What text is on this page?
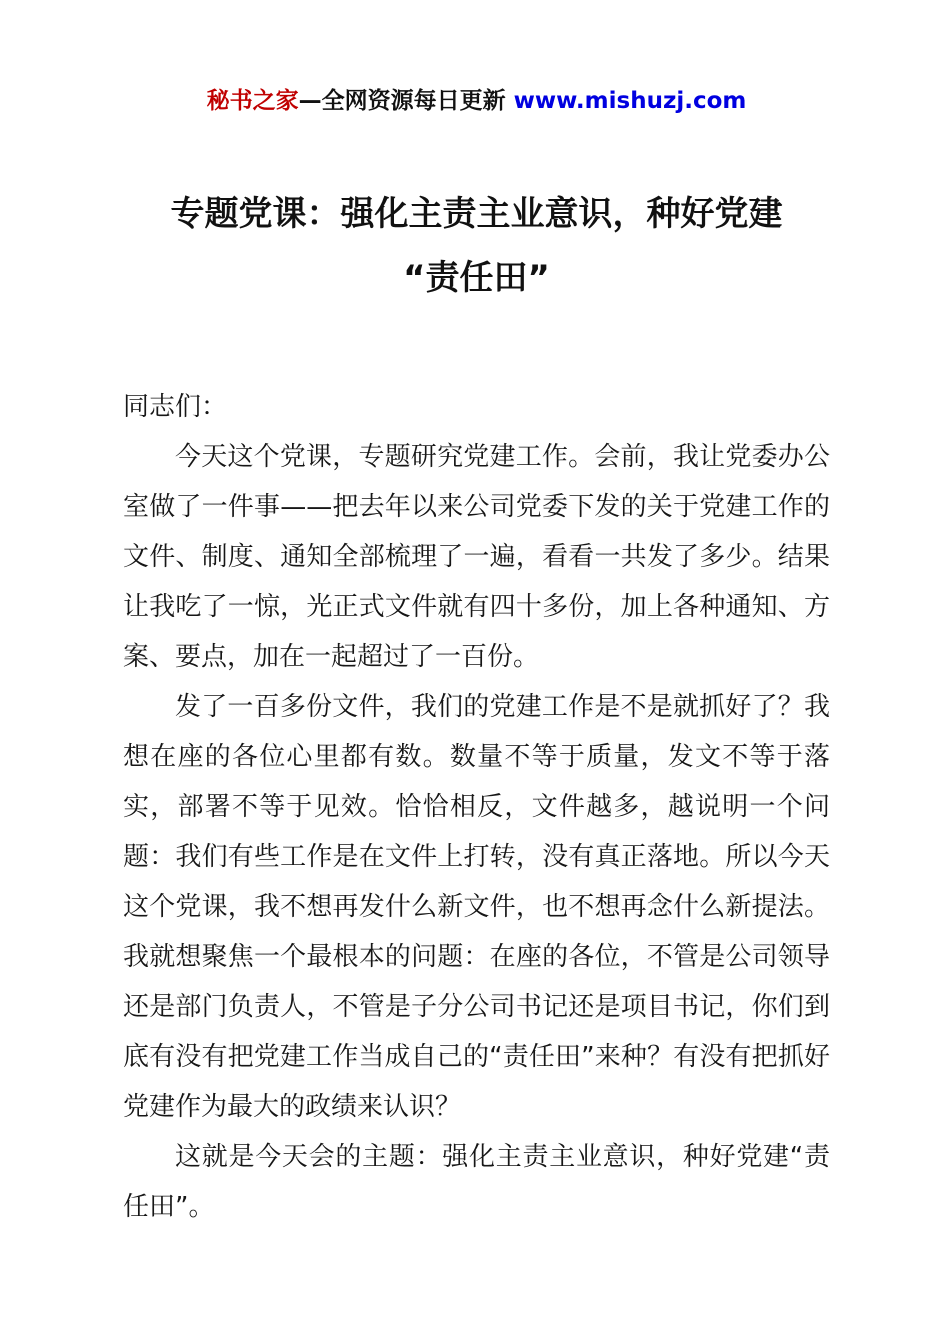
秘书之家—全网资源每日更新 www.mishuzj.com
专题党课：强化主责主业意识，种好党建
“责任田”

同志们：

今天这个党课，专题研究党建工作。会前，我让党委办公室做了一件事——把去年以来公司党委下发的关于党建工作的文件、制度、通知全部梳理了一遍，看看一共发了多少。结果让我吃了一惊，光正式文件就有四十多份，加上各种通知、方案、要点，加在一起超过了一百份。

发了一百多份文件，我们的党建工作是不是就抓好了？我想在座的各位心里都有数。数量不等于质量，发文不等于落实，部署不等于见效。恰恰相反，文件越多，越说明一个问题：我们有些工作是在文件上打转，没有真正落地。所以今天这个党课，我不想再发什么新文件，也不想再念什么新提法。我就想聚焦一个最根本的问题：在座的各位，不管是公司领导还是部门负责人，不管是子分公司书记还是项目书记，你们到底有没有把党建工作当成自己的“责任田”来种？有没有把抓好党建作为最大的政绩来认识？

这就是今天会的主题：强化主责主业意识，种好党建“责任田”。
